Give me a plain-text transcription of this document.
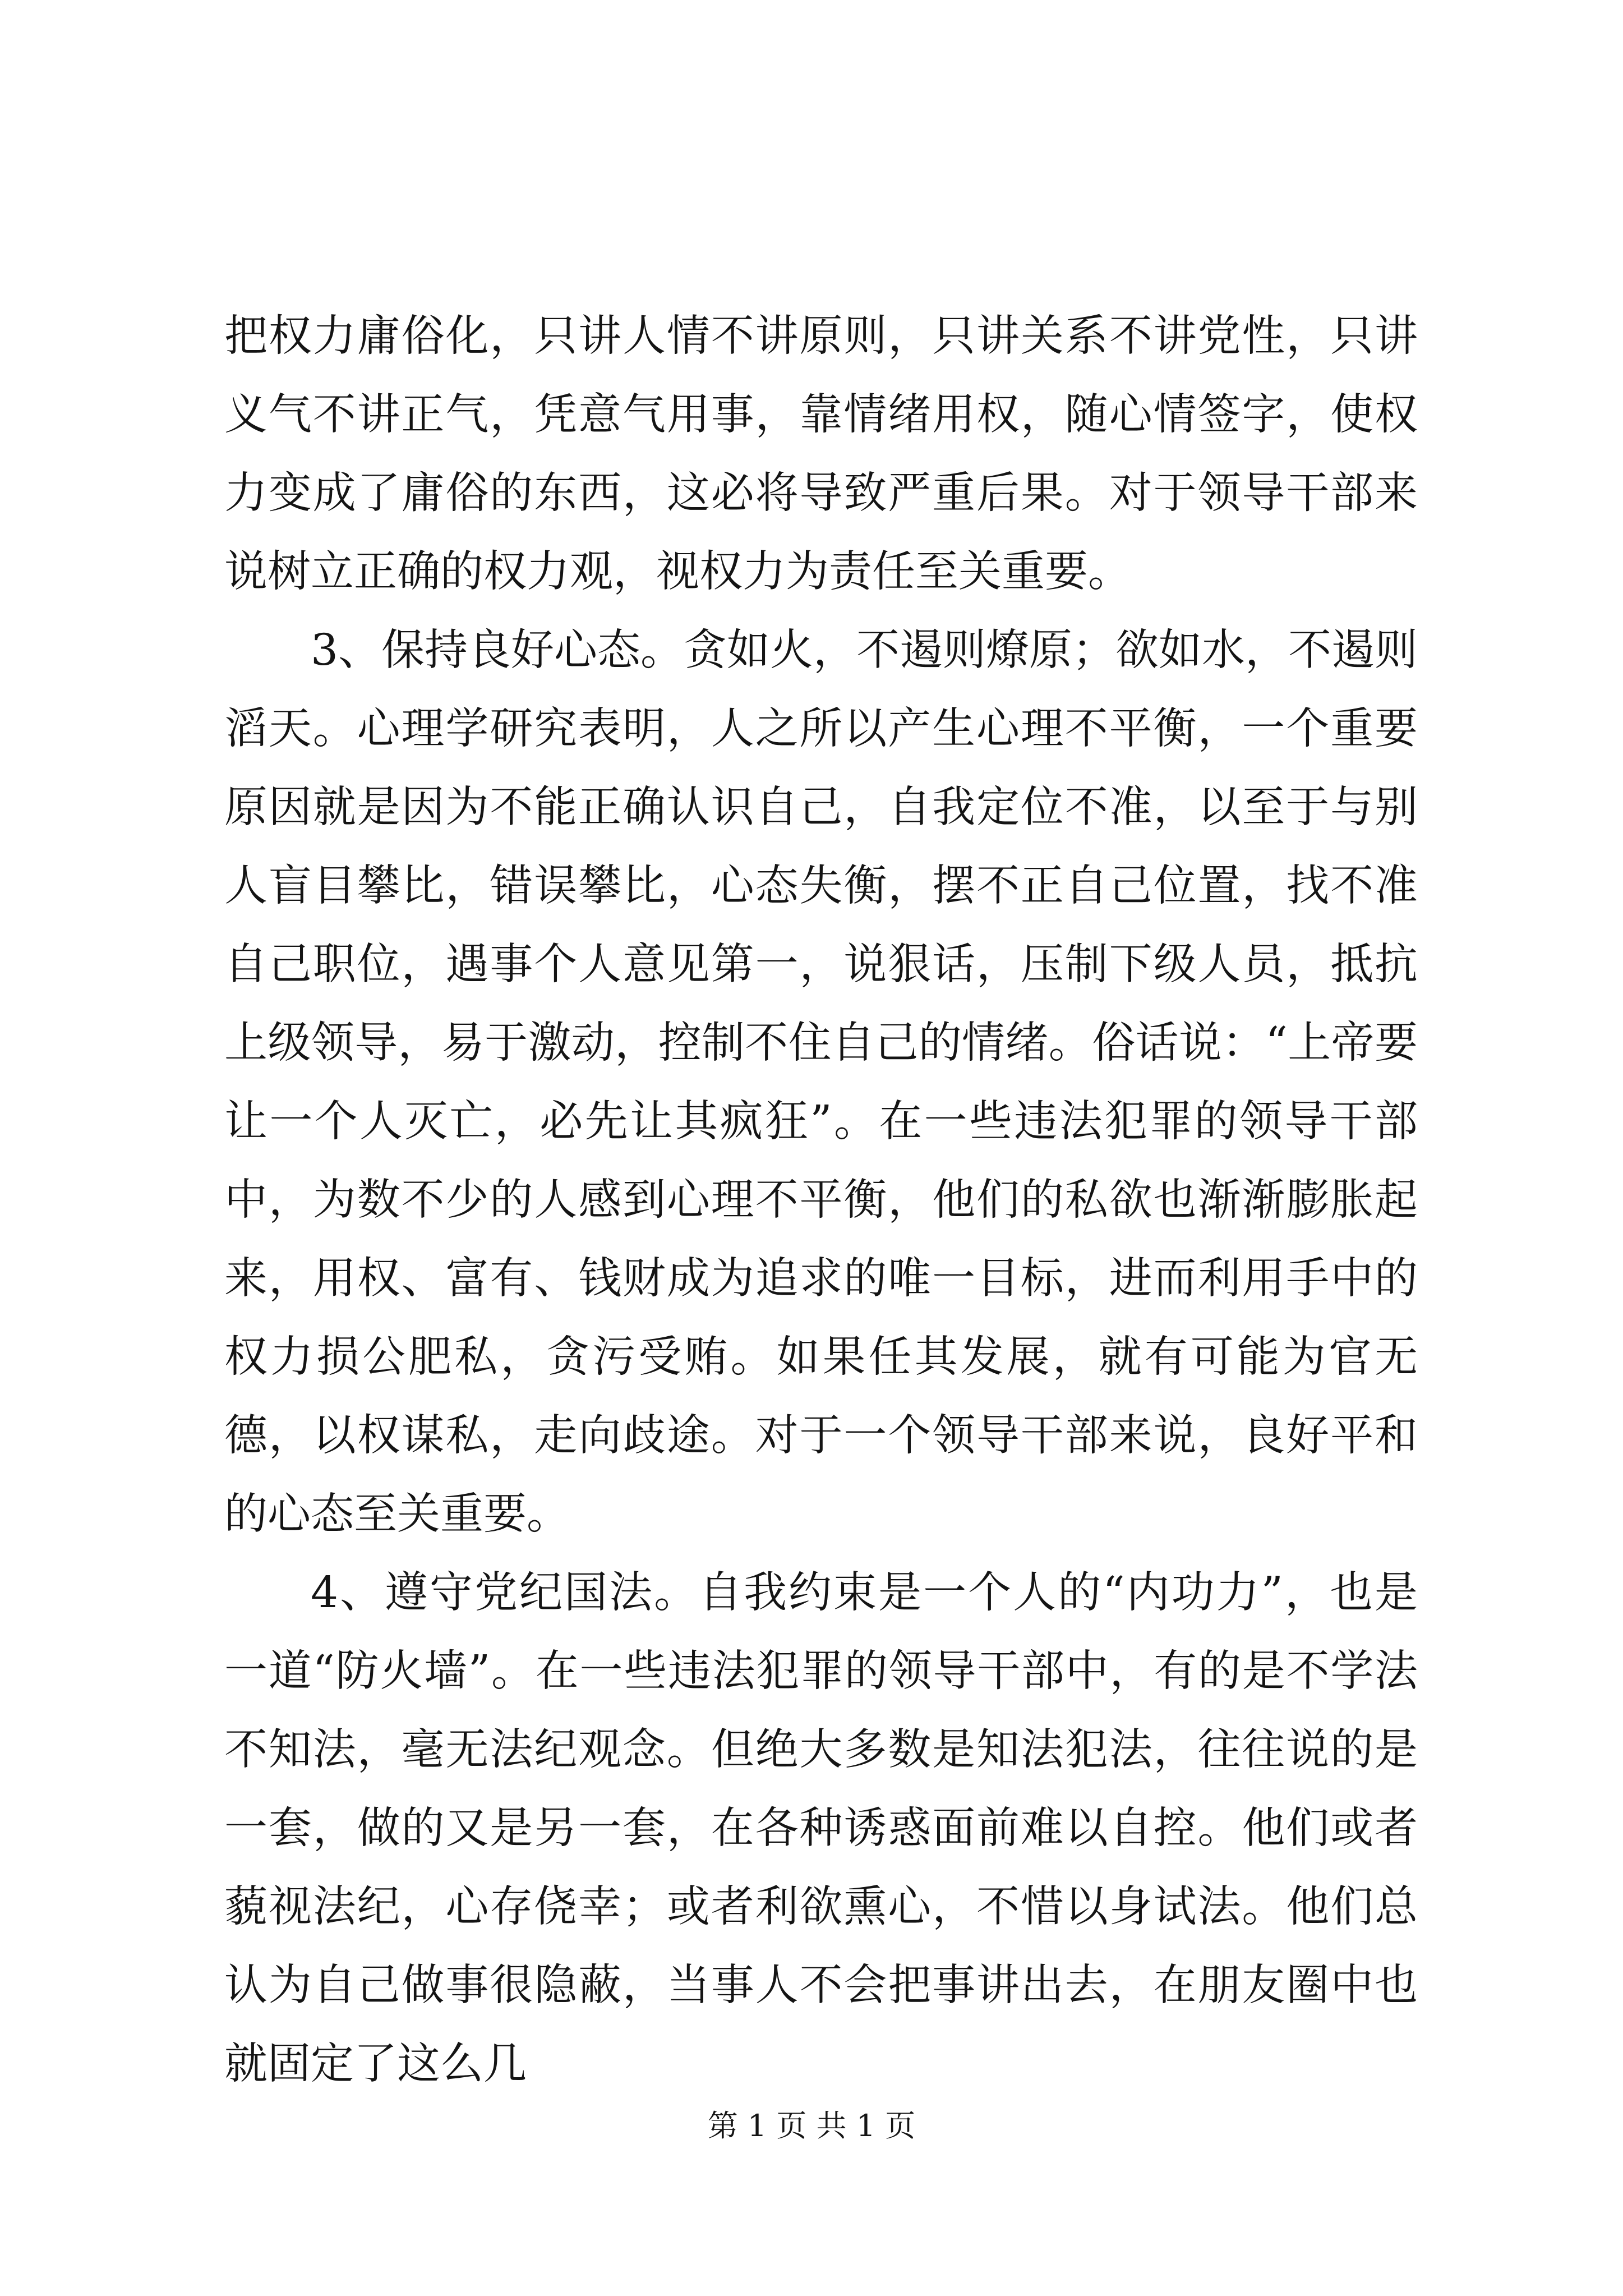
把权力庸俗化，只讲人情不讲原则，只讲关系不讲党性，只讲义气不讲正气，凭意气用事，靠情绪用权，随心情签字，使权力变成了庸俗的东西，这必将导致严重后果。对于领导干部来说树立正确的权力观，视权力为责任至关重要。

3、保持良好心态。贪如火，不遏则燎原；欲如水，不遏则滔天。心理学研究表明，人之所以产生心理不平衡，一个重要原因就是因为不能正确认识自己，自我定位不准，以至于与别人盲目攀比，错误攀比，心态失衡，摆不正自己位置，找不准自己职位，遇事个人意见第一，说狠话，压制下级人员，抵抗上级领导，易于激动，控制不住自己的情绪。俗话说：“上帝要让一个人灭亡，必先让其疯狂”。在一些违法犯罪的领导干部中，为数不少的人感到心理不平衡，他们的私欲也渐渐膨胀起来，用权、富有、钱财成为追求的唯一目标，进而利用手中的权力损公肥私，贪污受贿。如果任其发展，就有可能为官无德，以权谋私，走向歧途。对于一个领导干部来说，良好平和的心态至关重要。

4、遵守党纪国法。自我约束是一个人的“内功力”，也是一道“防火墙”。在一些违法犯罪的领导干部中，有的是不学法不知法，毫无法纪观念。但绝大多数是知法犯法，往往说的是一套，做的又是另一套，在各种诱惑面前难以自控。他们或者藐视法纪，心存侥幸；或者利欲熏心，不惜以身试法。他们总认为自己做事很隐蔽，当事人不会把事讲出去，在朋友圈中也就固定了这么几

第 1 页 共 1 页
